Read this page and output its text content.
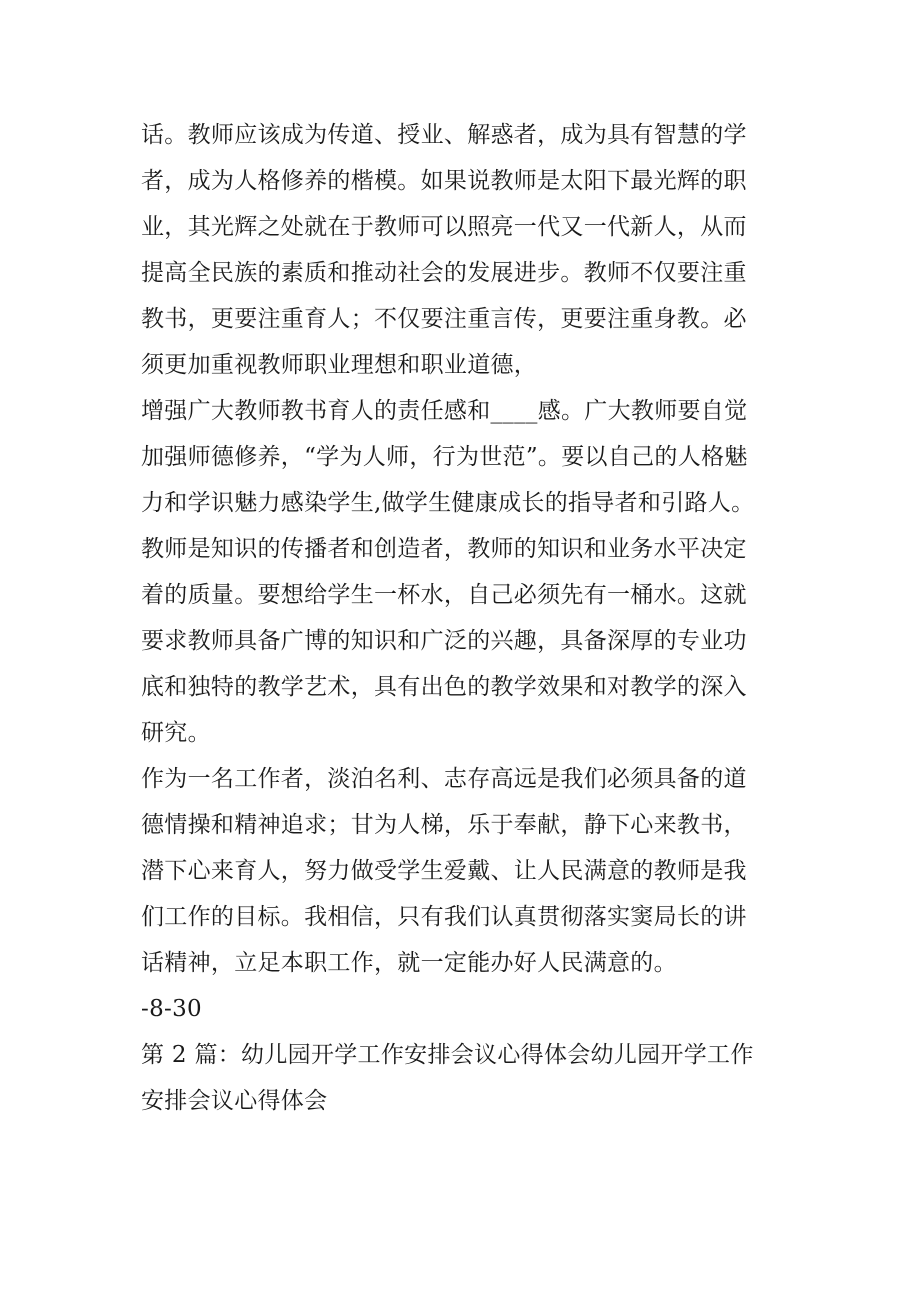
话。教师应该成为传道、授业、解惑者，成为具有智慧的学
者，成为人格修养的楷模。如果说教师是太阳下最光辉的职
业，其光辉之处就在于教师可以照亮一代又一代新人，从而
提高全民族的素质和推动社会的发展进步。教师不仅要注重
教书，更要注重育人；不仅要注重言传，更要注重身教。必
须更加重视教师职业理想和职业道德，
增强广大教师教书育人的责任感和____感。广大教师要自觉
加强师德修养，“学为人师，行为世范”。要以自己的人格魅
力和学识魅力感染学生,做学生健康成长的指导者和引路人。
教师是知识的传播者和创造者，教师的知识和业务水平决定
着的质量。要想给学生一杯水，自己必须先有一桶水。这就
要求教师具备广博的知识和广泛的兴趣，具备深厚的专业功
底和独特的教学艺术，具有出色的教学效果和对教学的深入
研究。
作为一名工作者，淡泊名利、志存高远是我们必须具备的道
德情操和精神追求；甘为人梯，乐于奉献，静下心来教书，
潜下心来育人，努力做受学生爱戴、让人民满意的教师是我
们工作的目标。我相信，只有我们认真贯彻落实窦局长的讲
话精神，立足本职工作，就一定能办好人民满意的。
-8-30
第 2 篇：幼儿园开学工作安排会议心得体会幼儿园开学工作
安排会议心得体会
